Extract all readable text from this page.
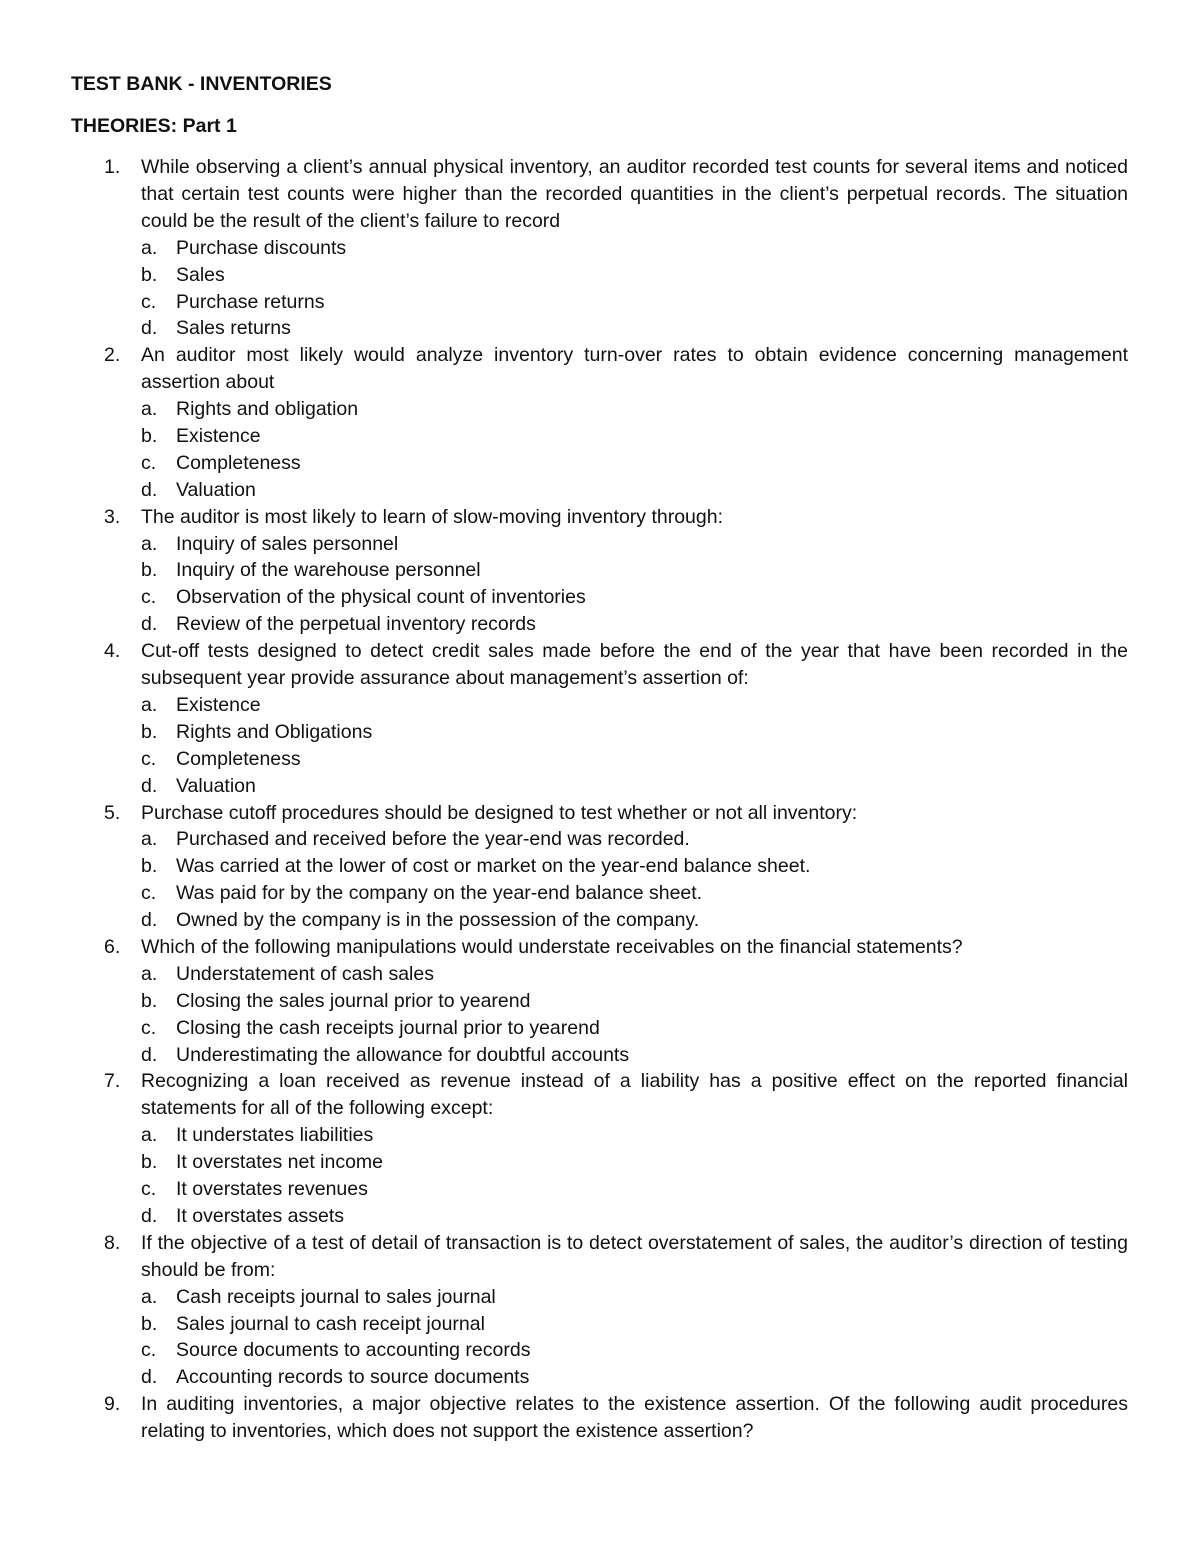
TEST BANK - INVENTORIES
THEORIES: Part 1
1.	While observing a client’s annual physical inventory, an auditor recorded test counts for several items and noticed that certain test counts were higher than the recorded quantities in the client’s perpetual records. The situation could be the result of the client’s failure to record
a. Purchase discounts
b. Sales
c. Purchase returns
d. Sales returns
2.	An auditor most likely would analyze inventory turn-over rates to obtain evidence concerning management assertion about
a. Rights and obligation
b. Existence
c. Completeness
d. Valuation
3.	The auditor is most likely to learn of slow-moving inventory through:
a. Inquiry of sales personnel
b. Inquiry of the warehouse personnel
c. Observation of the physical count of inventories
d. Review of the perpetual inventory records
4.	Cut-off tests designed to detect credit sales made before the end of the year that have been recorded in the subsequent year provide assurance about management’s assertion of:
a. Existence
b. Rights and Obligations
c. Completeness
d. Valuation
5.	Purchase cutoff procedures should be designed to test whether or not all inventory:
a. Purchased and received before the year-end was recorded.
b. Was carried at the lower of cost or market on the year-end balance sheet.
c. Was paid for by the company on the year-end balance sheet.
d. Owned by the company is in the possession of the company.
6.	Which of the following manipulations would understate receivables on the financial statements?
a. Understatement of cash sales
b. Closing the sales journal prior to yearend
c. Closing the cash receipts journal prior to yearend
d. Underestimating the allowance for doubtful accounts
7.	Recognizing a loan received as revenue instead of a liability has a positive effect on the reported financial statements for all of the following except:
a. It understates liabilities
b. It overstates net income
c. It overstates revenues
d. It overstates assets
8.	If the objective of a test of detail of transaction is to detect overstatement of sales, the auditor’s direction of testing should be from:
a. Cash receipts journal to sales journal
b. Sales journal to cash receipt journal
c. Source documents to accounting records
d. Accounting records to source documents
9.	In auditing inventories, a major objective relates to the existence assertion. Of the following audit procedures relating to inventories, which does not support the existence assertion?
